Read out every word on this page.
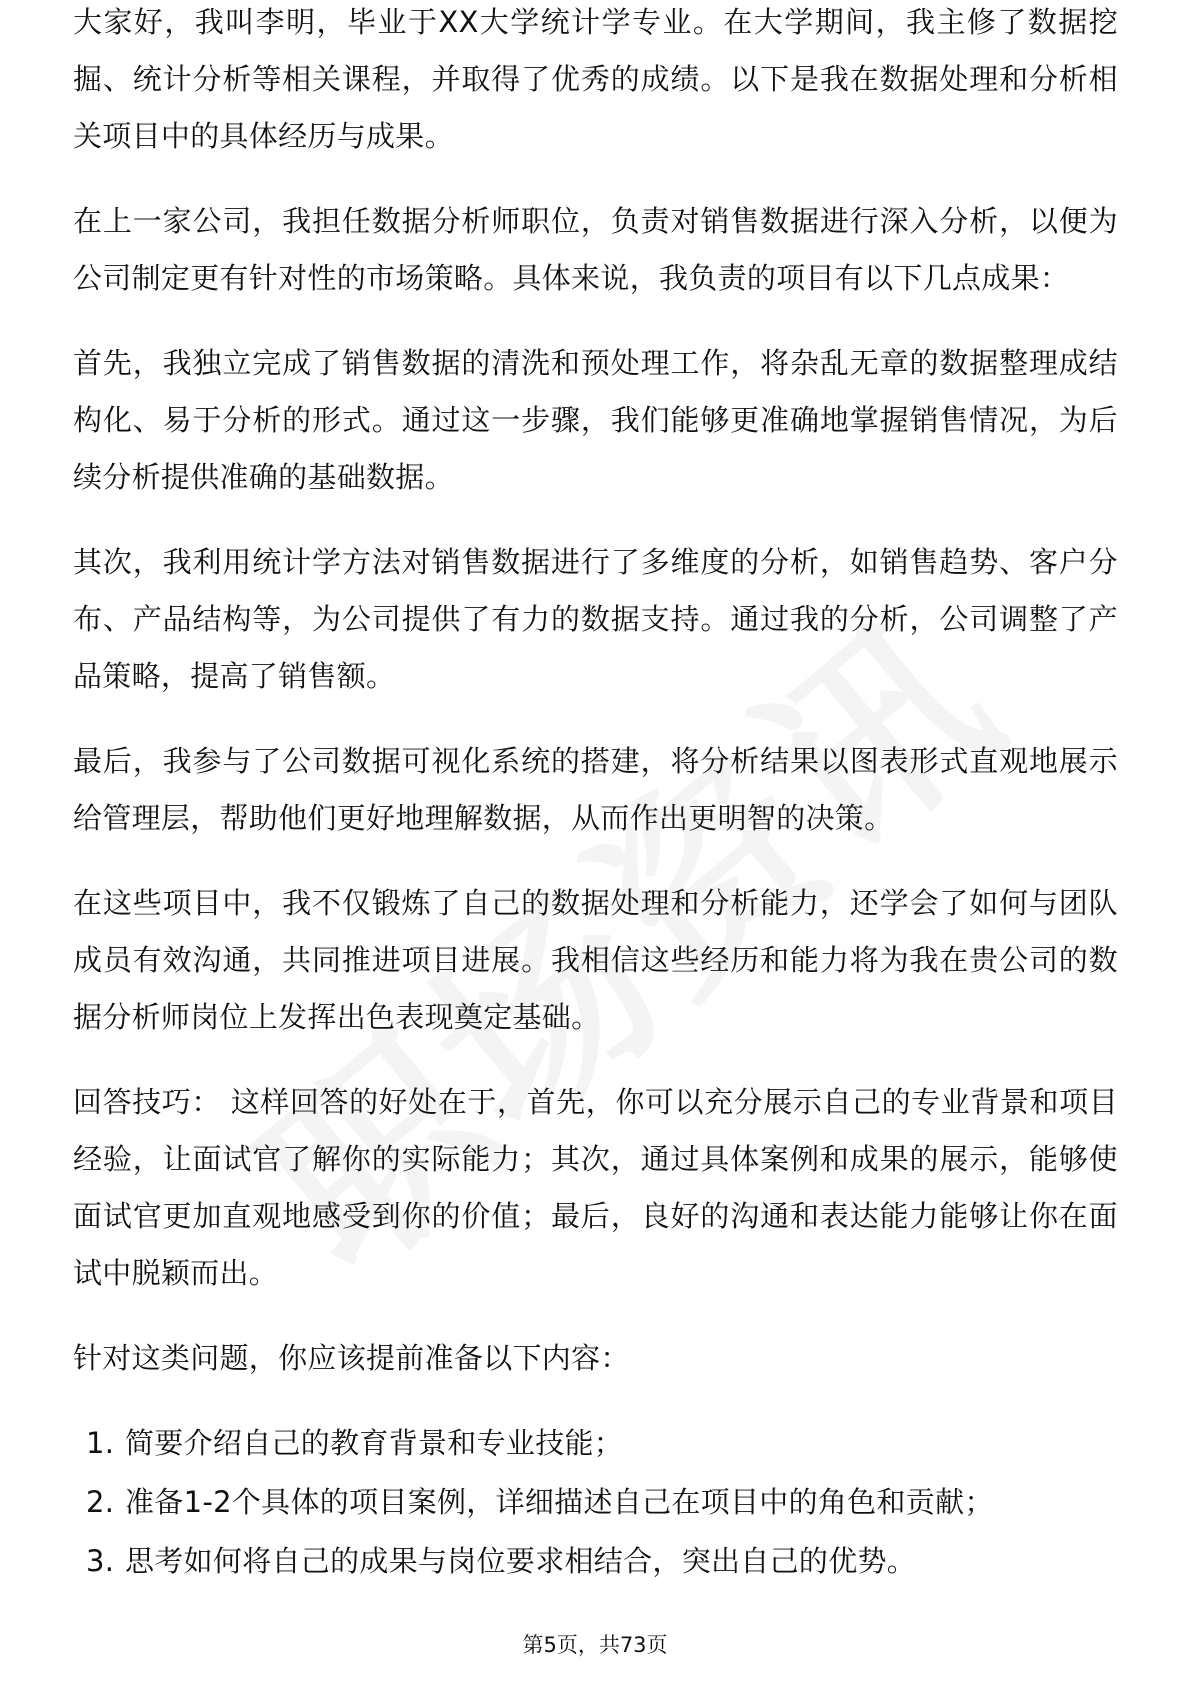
大家好，我叫李明，毕业于XX大学统计学专业。在大学期间，我主修了数据挖掘、统计分析等相关课程，并取得了优秀的成绩。以下是我在数据处理和分析相关项目中的具体经历与成果。

在上一家公司，我担任数据分析师职位，负责对销售数据进行深入分析，以便为公司制定更有针对性的市场策略。具体来说，我负责的项目有以下几点成果：

首先，我独立完成了销售数据的清洗和预处理工作，将杂乱无章的数据整理成结构化、易于分析的形式。通过这一步骤，我们能够更准确地掌握销售情况，为后续分析提供准确的基础数据。

其次，我利用统计学方法对销售数据进行了多维度的分析，如销售趋势、客户分布、产品结构等，为公司提供了有力的数据支持。通过我的分析，公司调整了产品策略，提高了销售额。

最后，我参与了公司数据可视化系统的搭建，将分析结果以图表形式直观地展示给管理层，帮助他们更好地理解数据，从而作出更明智的决策。

在这些项目中，我不仅锻炼了自己的数据处理和分析能力，还学会了如何与团队成员有效沟通，共同推进项目进展。我相信这些经历和能力将为我在贵公司的数据分析师岗位上发挥出色表现奠定基础。

回答技巧： 这样回答的好处在于，首先，你可以充分展示自己的专业背景和项目经验，让面试官了解你的实际能力；其次，通过具体案例和成果的展示，能够使面试官更加直观地感受到你的价值；最后，良好的沟通和表达能力能够让你在面试中脱颖而出。

针对这类问题，你应该提前准备以下内容：

1. 简要介绍自己的教育背景和专业技能；
2. 准备1-2个具体的项目案例，详细描述自己在项目中的角色和贡献；
3. 思考如何将自己的成果与岗位要求相结合，突出自己的优势。
第5页，共73页
